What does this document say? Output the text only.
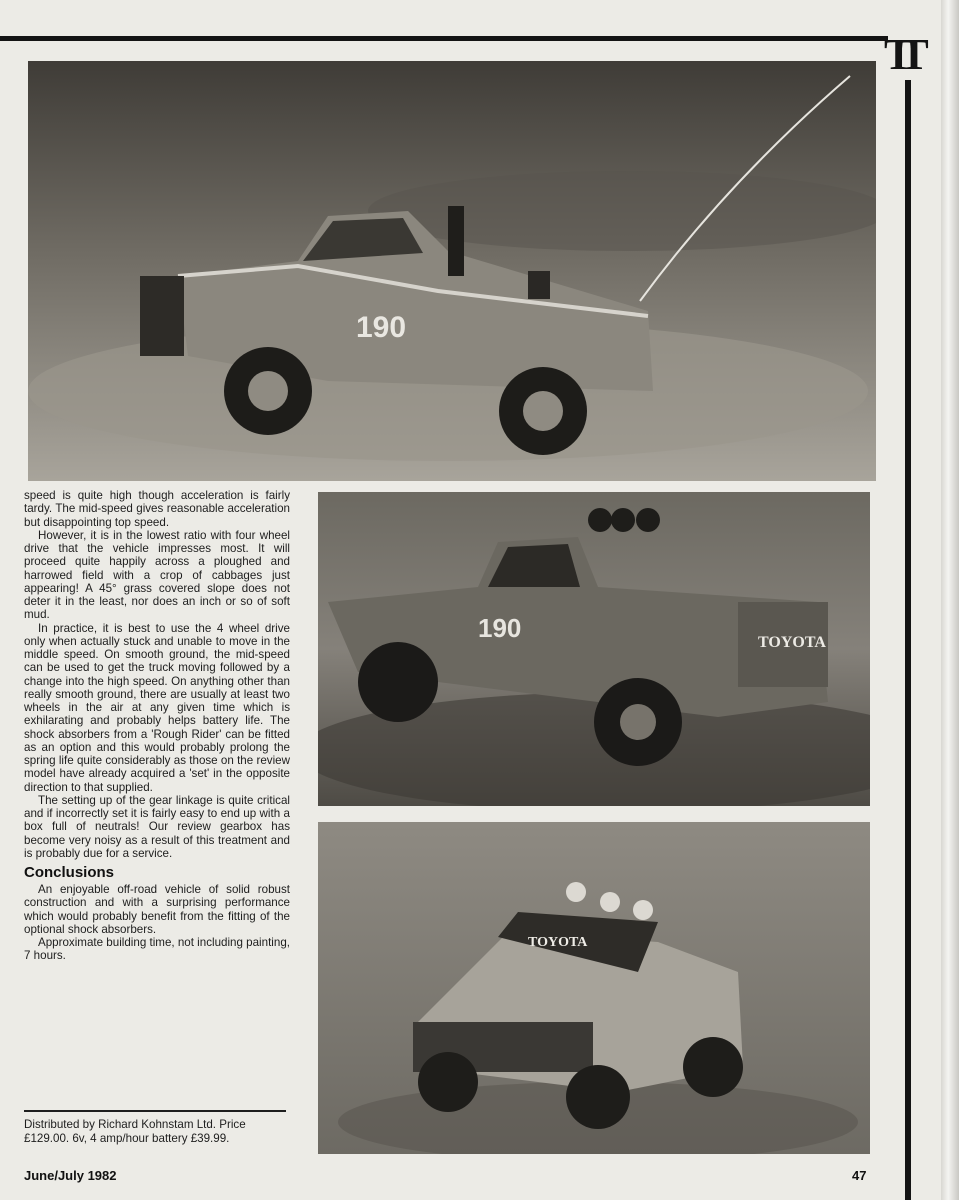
TT
190
190	TOYOTA
TOYOTA

speed is quite high though acceleration is fairly tardy. The mid-speed gives reasonable acceleration but disappointing top speed.

However, it is in the lowest ratio with four wheel drive that the vehicle impresses most. It will proceed quite happily across a ploughed and harrowed field with a crop of cabbages just appearing! A 45° grass covered slope does not deter it in the least, nor does an inch or so of soft mud.

In practice, it is best to use the 4 wheel drive only when actually stuck and unable to move in the middle speed. On smooth ground, the mid-speed can be used to get the truck moving followed by a change into the high speed. On anything other than really smooth ground, there are usually at least two wheels in the air at any given time which is exhilarating and probably helps battery life. The shock absorbers from a 'Rough Rider' can be fitted as an option and this would probably prolong the spring life quite considerably as those on the review model have already acquired a 'set' in the opposite direction to that supplied.

The setting up of the gear linkage is quite critical and if incorrectly set it is fairly easy to end up with a box full of neutrals! Our review gearbox has become very noisy as a result of this treatment and is probably due for a service.

Conclusions

An enjoyable off-road vehicle of solid robust construction and with a surprising performance which would probably benefit from the fitting of the optional shock absorbers.

Approximate building time, not including painting, 7 hours.

Distributed by Richard Kohnstam Ltd. Price £129.00. 6v, 4 amp/hour battery £39.99.

June/July 1982	47
